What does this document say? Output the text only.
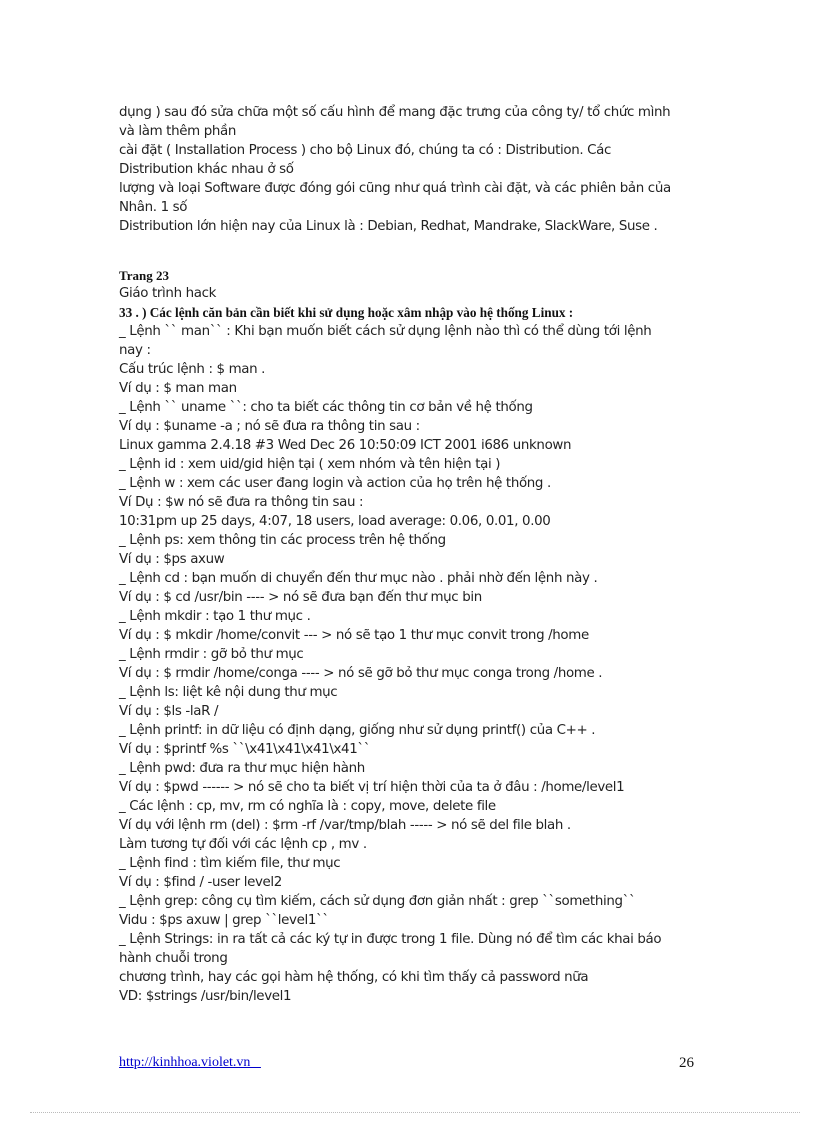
dụng ) sau đó sửa chữa một số cấu hình để mang đặc trưng của công ty/ tổ chức mình
và làm thêm phần
cài đặt ( Installation Process ) cho bộ Linux đó, chúng ta có : Distribution. Các
Distribution khác nhau ở số
lượng và loại Software được đóng gói cũng như quá trình cài đặt, và các phiên bản của
Nhân. 1 số
Distribution lớn hiện nay của Linux là : Debian, Redhat, Mandrake, SlackWare, Suse .
Trang 23
Giáo trình hack
33 . ) Các lệnh căn bản cần biết khi sử dụng hoặc xâm nhập vào hệ thống Linux :
_ Lệnh `` man`` : Khi bạn muốn biết cách sử dụng lệnh nào thì có thể dùng tới lệnh
nay :
Cấu trúc lệnh : $ man .
Ví dụ : $ man man
_ Lệnh `` uname ``: cho ta biết các thông tin cơ bản về hệ thống
Ví dụ : $uname -a ; nó sẽ đưa ra thông tin sau :
Linux gamma 2.4.18 #3 Wed Dec 26 10:50:09 ICT 2001 i686 unknown
_ Lệnh id : xem uid/gid hiện tại ( xem nhóm và tên hiện tại )
_ Lệnh w : xem các user đang login và action của họ trên hệ thống .
Ví Dụ : $w nó sẽ đưa ra thông tin sau :
10:31pm up 25 days, 4:07, 18 users, load average: 0.06, 0.01, 0.00
_ Lệnh ps: xem thông tin các process trên hệ thống
Ví dụ : $ps axuw
_ Lệnh cd : bạn muốn di chuyển đến thư mục nào . phải nhờ đến lệnh này .
Ví dụ : $ cd /usr/bin ---- > nó sẽ đưa bạn đến thư mục bin
_ Lệnh mkdir : tạo 1 thư mục .
Ví dụ : $ mkdir /home/convit --- > nó sẽ tạo 1 thư mục convit trong /home
_ Lệnh rmdir : gỡ bỏ thư mục
Ví dụ : $ rmdir /home/conga ---- > nó sẽ gỡ bỏ thư mục conga trong /home .
_ Lệnh ls: liệt kê nội dung thư mục
Ví dụ : $ls -laR /
_ Lệnh printf: in dữ liệu có định dạng, giống như sử dụng printf() của C++ .
Ví dụ : $printf %s ``\x41\x41\x41\x41``
_ Lệnh pwd: đưa ra thư mục hiện hành
Ví dụ : $pwd ------ > nó sẽ cho ta biết vị trí hiện thời của ta ở đâu : /home/level1
_ Các lệnh : cp, mv, rm có nghĩa là : copy, move, delete file
Ví dụ với lệnh rm (del) : $rm -rf /var/tmp/blah ----- > nó sẽ del file blah .
Làm tương tự đối với các lệnh cp , mv .
_ Lệnh find : tìm kiếm file, thư mục
Ví dụ : $find / -user level2
_ Lệnh grep: công cụ tìm kiếm, cách sử dụng đơn giản nhất : grep ``something``
Vidu : $ps axuw | grep ``level1``
_ Lệnh Strings: in ra tất cả các ký tự in được trong 1 file. Dùng nó để tìm các khai báo
hành chuỗi trong
chương trình, hay các gọi hàm hệ thống, có khi tìm thấy cả password nữa
VD: $strings /usr/bin/level1
http://kinhhoa.violet.vn	26
